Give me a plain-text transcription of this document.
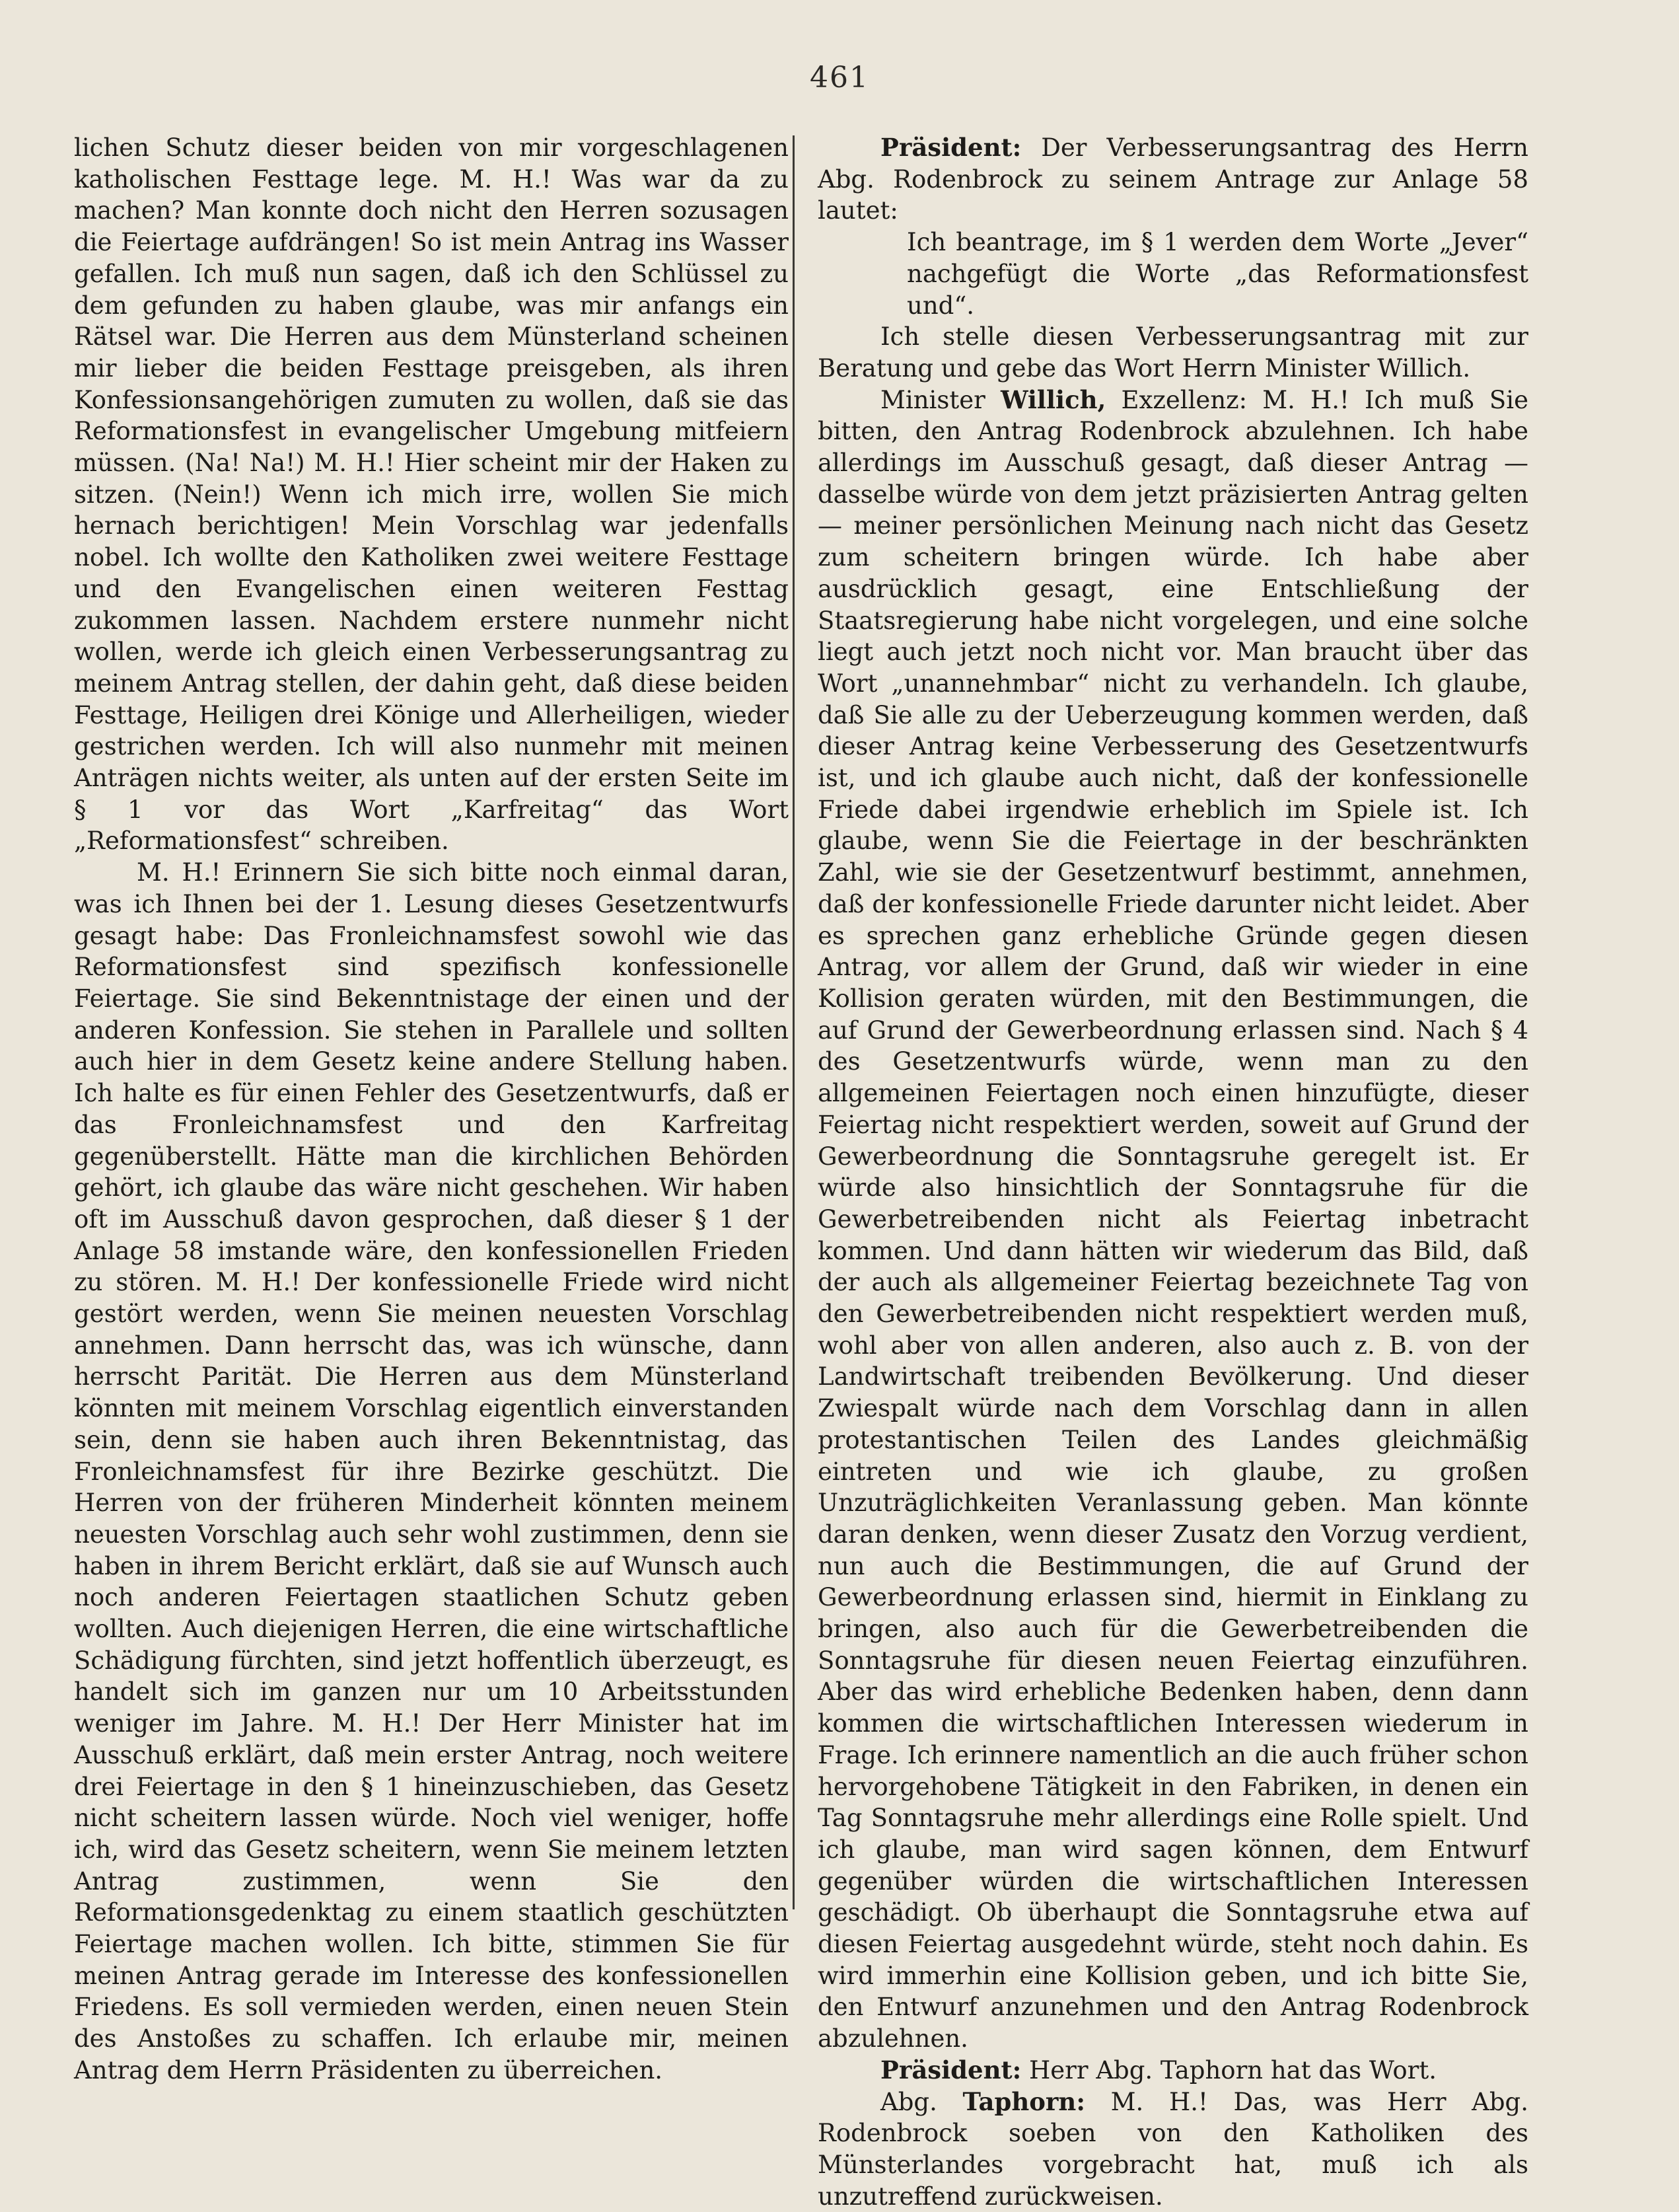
461

lichen Schutz dieser beiden von mir vorgeschlagenen katholischen Festtage lege. M. H.! Was war da zu machen? Man konnte doch nicht den Herren sozusagen die Feiertage aufdrängen! So ist mein Antrag ins Wasser gefallen. Ich muß nun sagen, daß ich den Schlüssel zu dem gefunden zu haben glaube, was mir anfangs ein Rätsel war. Die Herren aus dem Münsterland scheinen mir lieber die beiden Festtage preisgeben, als ihren Konfessionsangehörigen zumuten zu wollen, daß sie das Reformationsfest in evangelischer Umgebung mitfeiern müssen. (Na! Na!) M. H.! Hier scheint mir der Haken zu sitzen. (Nein!) Wenn ich mich irre, wollen Sie mich hernach berichtigen! Mein Vorschlag war jedenfalls nobel. Ich wollte den Katholiken zwei weitere Festtage und den Evangelischen einen weiteren Festtag zukommen lassen. Nachdem erstere nunmehr nicht wollen, werde ich gleich einen Verbesserungsantrag zu meinem Antrag stellen, der dahin geht, daß diese beiden Festtage, Heiligen drei Könige und Allerheiligen, wieder gestrichen werden. Ich will also nunmehr mit meinen Anträgen nichts weiter, als unten auf der ersten Seite im § 1 vor das Wort „Karfreitag“ das Wort „Reformationsfest“ schreiben.

M. H.! Erinnern Sie sich bitte noch einmal daran, was ich Ihnen bei der 1. Lesung dieses Gesetzentwurfs gesagt habe: Das Fronleichnamsfest sowohl wie das Reformationsfest sind spezifisch konfessionelle Feiertage. Sie sind Bekenntnistage der einen und der anderen Konfession. Sie stehen in Parallele und sollten auch hier in dem Gesetz keine andere Stellung haben. Ich halte es für einen Fehler des Gesetzentwurfs, daß er das Fronleichnamsfest und den Karfreitag gegenüberstellt. Hätte man die kirchlichen Behörden gehört, ich glaube das wäre nicht geschehen. Wir haben oft im Ausschuß davon gesprochen, daß dieser § 1 der Anlage 58 imstande wäre, den konfessionellen Frieden zu stören. M. H.! Der konfessionelle Friede wird nicht gestört werden, wenn Sie meinen neuesten Vorschlag annehmen. Dann herrscht das, was ich wünsche, dann herrscht Parität. Die Herren aus dem Münsterland könnten mit meinem Vorschlag eigentlich einverstanden sein, denn sie haben auch ihren Bekenntnistag, das Fronleichnamsfest für ihre Bezirke geschützt. Die Herren von der früheren Minderheit könnten meinem neuesten Vorschlag auch sehr wohl zustimmen, denn sie haben in ihrem Bericht erklärt, daß sie auf Wunsch auch noch anderen Feiertagen staatlichen Schutz geben wollten. Auch diejenigen Herren, die eine wirtschaftliche Schädigung fürchten, sind jetzt hoffentlich überzeugt, es handelt sich im ganzen nur um 10 Arbeitsstunden weniger im Jahre. M. H.! Der Herr Minister hat im Ausschuß erklärt, daß mein erster Antrag, noch weitere drei Feiertage in den § 1 hineinzuschieben, das Gesetz nicht scheitern lassen würde. Noch viel weniger, hoffe ich, wird das Gesetz scheitern, wenn Sie meinem letzten Antrag zustimmen, wenn Sie den Reformationsgedenktag zu einem staatlich geschützten Feiertage machen wollen. Ich bitte, stimmen Sie für meinen Antrag gerade im Interesse des konfessionellen Friedens. Es soll vermieden werden, einen neuen Stein des Anstoßes zu schaffen. Ich erlaube mir, meinen Antrag dem Herrn Präsidenten zu überreichen.

Präsident: Der Verbesserungsantrag des Herrn Abg. Rodenbrock zu seinem Antrage zur Anlage 58 lautet:

Ich beantrage, im § 1 werden dem Worte „Jever“ nachgefügt die Worte „das Reformationsfest und“.

Ich stelle diesen Verbesserungsantrag mit zur Beratung und gebe das Wort Herrn Minister Willich.

Minister Willich, Exzellenz: M. H.! Ich muß Sie bitten, den Antrag Rodenbrock abzulehnen. Ich habe allerdings im Ausschuß gesagt, daß dieser Antrag — dasselbe würde von dem jetzt präzisierten Antrag gelten — meiner persönlichen Meinung nach nicht das Gesetz zum scheitern bringen würde. Ich habe aber ausdrücklich gesagt, eine Entschließung der Staatsregierung habe nicht vorgelegen, und eine solche liegt auch jetzt noch nicht vor. Man braucht über das Wort „unannehmbar“ nicht zu verhandeln. Ich glaube, daß Sie alle zu der Ueberzeugung kommen werden, daß dieser Antrag keine Verbesserung des Gesetzentwurfs ist, und ich glaube auch nicht, daß der konfessionelle Friede dabei irgendwie erheblich im Spiele ist. Ich glaube, wenn Sie die Feiertage in der beschränkten Zahl, wie sie der Gesetzentwurf bestimmt, annehmen, daß der konfessionelle Friede darunter nicht leidet. Aber es sprechen ganz erhebliche Gründe gegen diesen Antrag, vor allem der Grund, daß wir wieder in eine Kollision geraten würden, mit den Bestimmungen, die auf Grund der Gewerbeordnung erlassen sind. Nach § 4 des Gesetzentwurfs würde, wenn man zu den allgemeinen Feiertagen noch einen hinzufügte, dieser Feiertag nicht respektiert werden, soweit auf Grund der Gewerbeordnung die Sonntagsruhe geregelt ist. Er würde also hinsichtlich der Sonntagsruhe für die Gewerbetreibenden nicht als Feiertag inbetracht kommen. Und dann hätten wir wiederum das Bild, daß der auch als allgemeiner Feiertag bezeichnete Tag von den Gewerbetreibenden nicht respektiert werden muß, wohl aber von allen anderen, also auch z. B. von der Landwirtschaft treibenden Bevölkerung. Und dieser Zwiespalt würde nach dem Vorschlag dann in allen protestantischen Teilen des Landes gleichmäßig eintreten und wie ich glaube, zu großen Unzuträglichkeiten Veranlassung geben. Man könnte daran denken, wenn dieser Zusatz den Vorzug verdient, nun auch die Bestimmungen, die auf Grund der Gewerbeordnung erlassen sind, hiermit in Einklang zu bringen, also auch für die Gewerbetreibenden die Sonntagsruhe für diesen neuen Feiertag einzuführen. Aber das wird erhebliche Bedenken haben, denn dann kommen die wirtschaftlichen Interessen wiederum in Frage. Ich erinnere namentlich an die auch früher schon hervorgehobene Tätigkeit in den Fabriken, in denen ein Tag Sonntagsruhe mehr allerdings eine Rolle spielt. Und ich glaube, man wird sagen können, dem Entwurf gegenüber würden die wirtschaftlichen Interessen geschädigt. Ob überhaupt die Sonntagsruhe etwa auf diesen Feiertag ausgedehnt würde, steht noch dahin. Es wird immerhin eine Kollision geben, und ich bitte Sie, den Entwurf anzunehmen und den Antrag Rodenbrock abzulehnen.

Präsident: Herr Abg. Taphorn hat das Wort.

Abg. Taphorn: M. H.! Das, was Herr Abg. Rodenbrock soeben von den Katholiken des Münsterlandes vorgebracht hat, muß ich als unzutreffend zurückweisen.
